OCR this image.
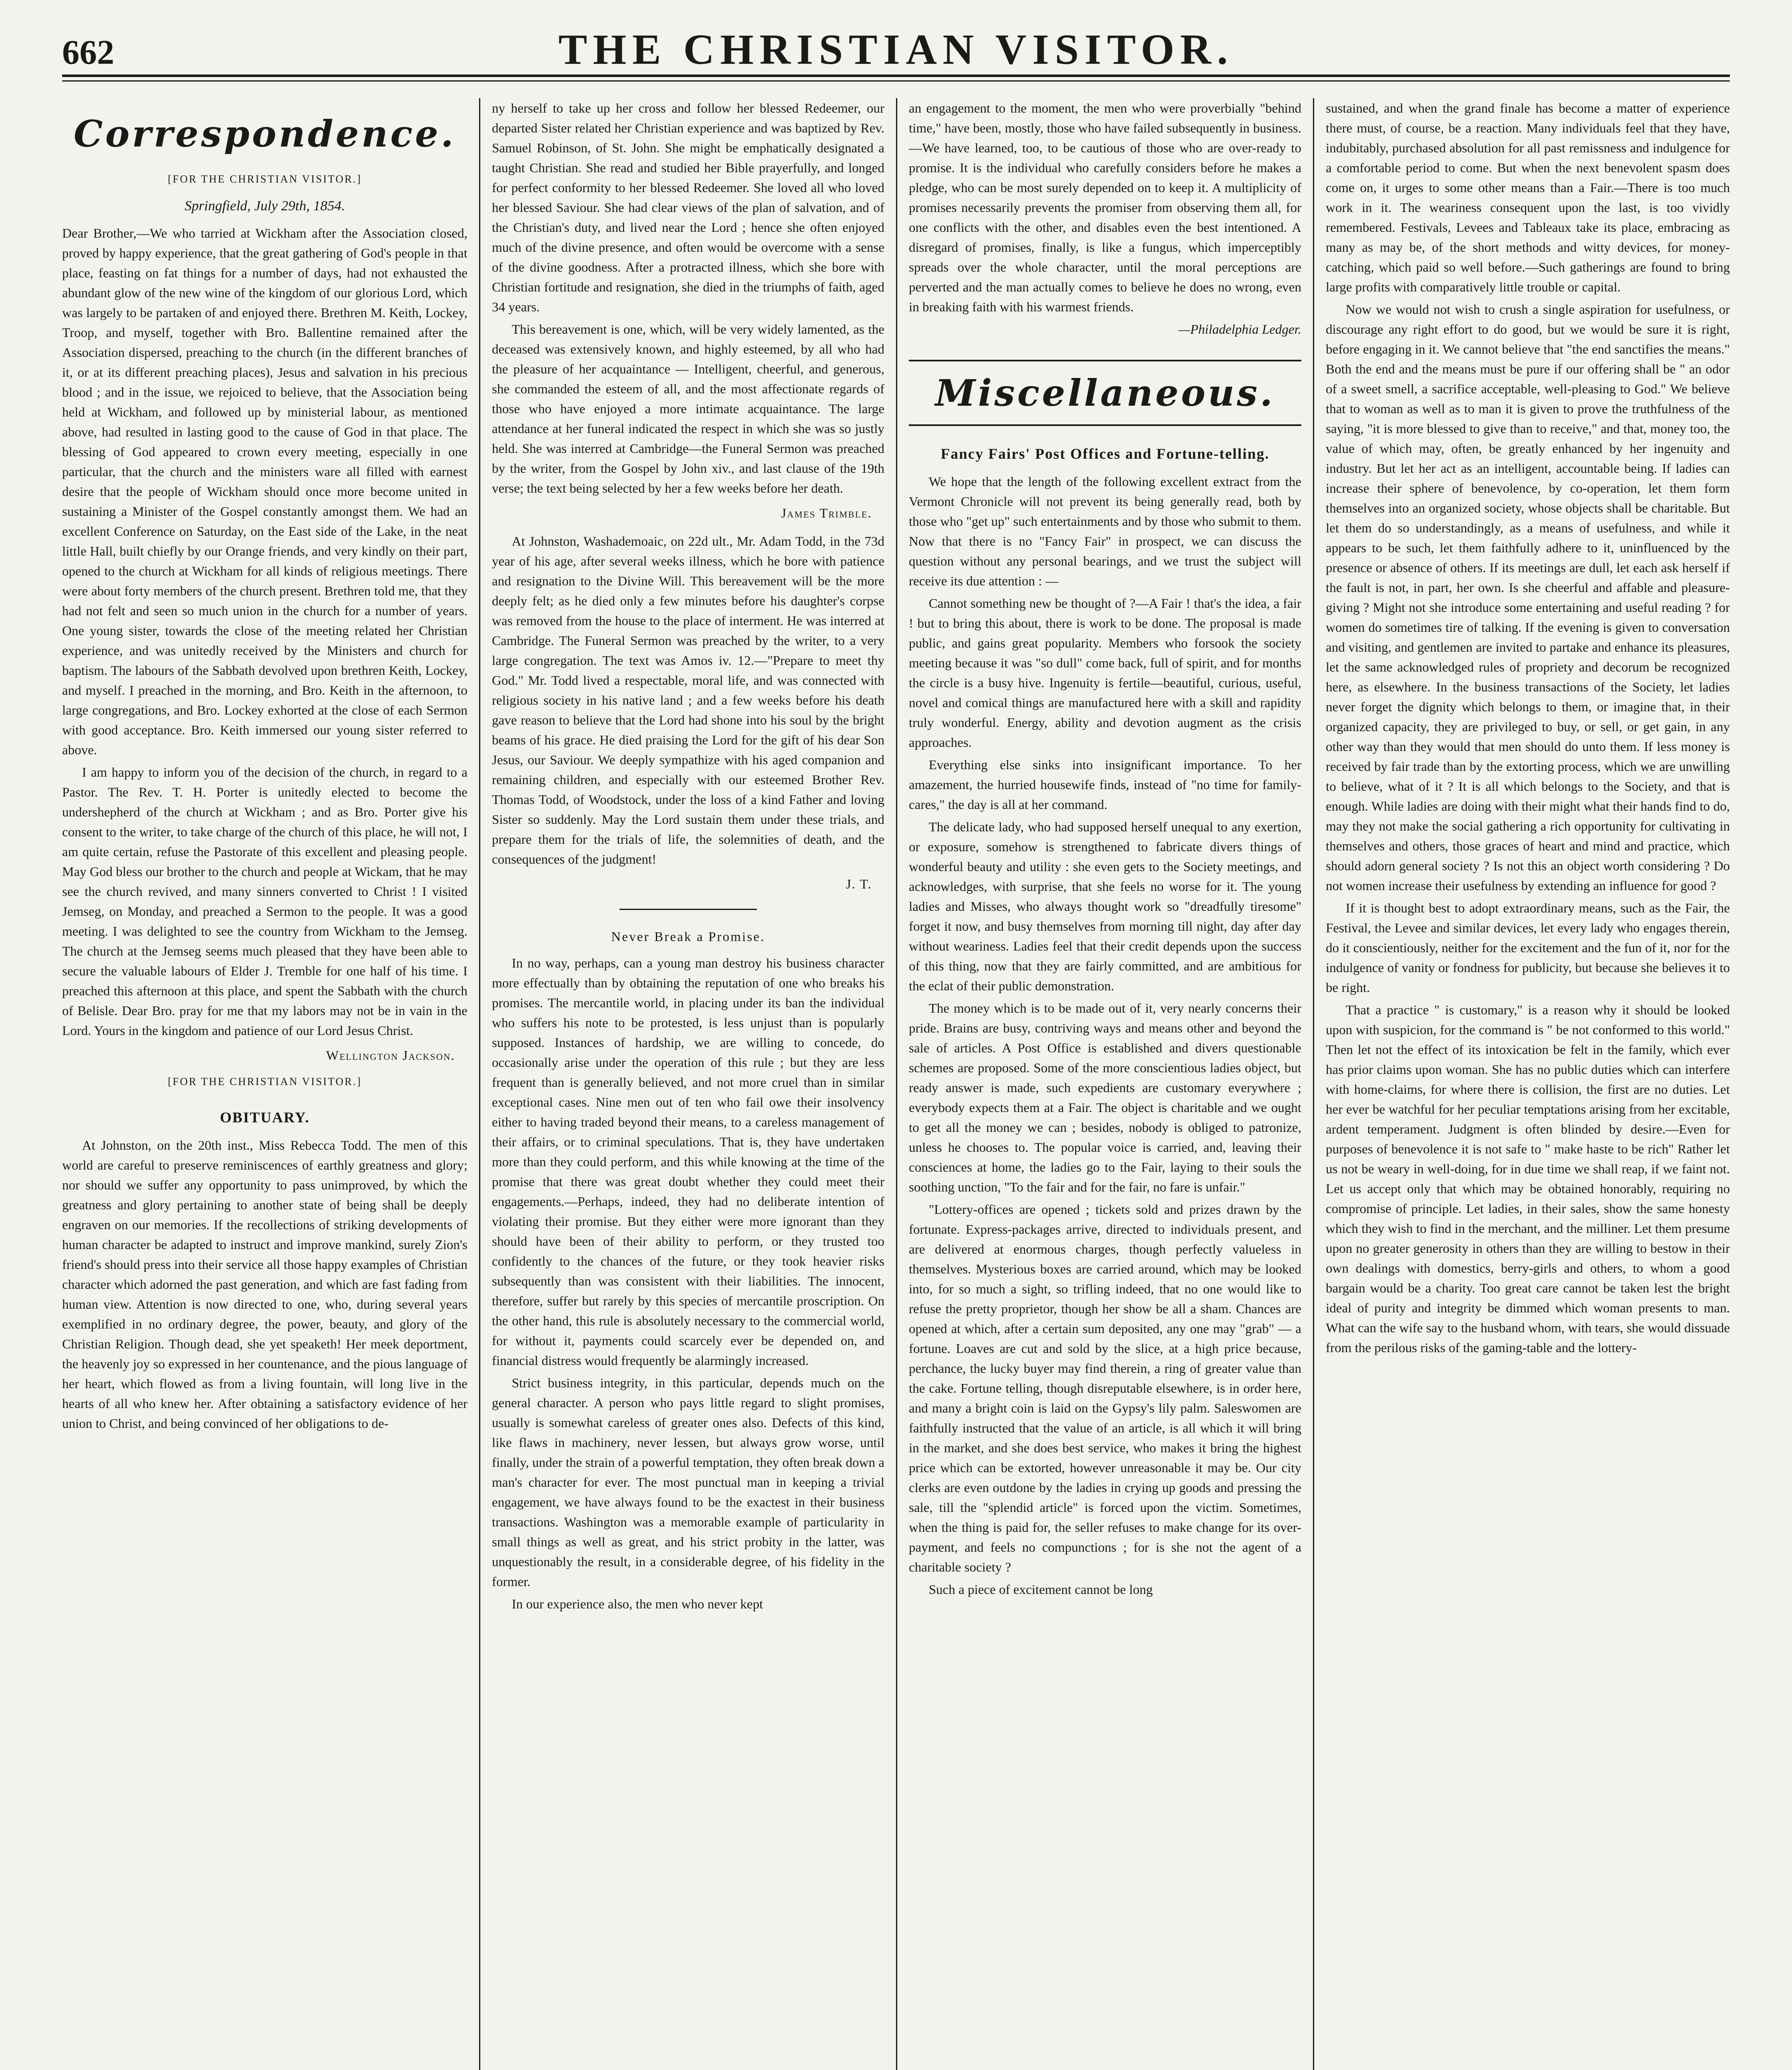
662	THE CHRISTIAN VISITOR.
Correspondence.
[FOR THE CHRISTIAN VISITOR.]
Springfield, July 29th, 1854.

Dear Brother,—We who tarried at Wickham after the Association closed, proved by happy experience, that the great gathering of God's people in that place, feasting on fat things for a number of days, had not exhausted the abundant glow of the new wine of the kingdom of our glorious Lord, which was largely to be partaken of and enjoyed there. Brethren M. Keith, Lockey, Troop, and myself, together with Bro. Ballentine remained after the Association dispersed, preaching to the church (in the different branches of it, or at its different preaching places), Jesus and salvation in his precious blood ; and in the issue, we rejoiced to believe, that the Association being held at Wickham, and followed up by ministerial labour, as mentioned above, had resulted in lasting good to the cause of God in that place. The blessing of God appeared to crown every meeting, especially in one particular, that the church and the ministers ware all filled with earnest desire that the people of Wickham should once more become united in sustaining a Minister of the Gospel constantly amongst them. We had an excellent Conference on Saturday, on the East side of the Lake, in the neat little Hall, built chiefly by our Orange friends, and very kindly on their part, opened to the church at Wickham for all kinds of religious meetings. There were about forty members of the church present. Brethren told me, that they had not felt and seen so much union in the church for a number of years. One young sister, towards the close of the meeting related her Christian experience, and was unitedly received by the Ministers and church for baptism. The labours of the Sabbath devolved upon brethren Keith, Lockey, and myself. I preached in the morning, and Bro. Keith in the afternoon, to large congregations, and Bro. Lockey exhorted at the close of each Sermon with good acceptance. Bro. Keith immersed our young sister referred to above.

I am happy to inform you of the decision of the church, in regard to a Pastor. The Rev. T. H. Porter is unitedly elected to become the undershepherd of the church at Wickham ; and as Bro. Porter give his consent to the writer, to take charge of the church of this place, he will not, I am quite certain, refuse the Pastorate of this excellent and pleasing people. May God bless our brother to the church and people at Wickam, that he may see the church revived, and many sinners converted to Christ ! I visited Jemseg, on Monday, and preached a Sermon to the people. It was a good meeting. I was delighted to see the country from Wickham to the Jemseg. The church at the Jemseg seems much pleased that they have been able to secure the valuable labours of Elder J. Tremble for one half of his time. I preached this afternoon at this place, and spent the Sabbath with the church of Belisle. Dear Bro. pray for me that my labors may not be in vain in the Lord. Yours in the kingdom and patience of our Lord Jesus Christ.

Wellington Jackson.
[FOR THE CHRISTIAN VISITOR.]
OBITUARY.

At Johnston, on the 20th inst., Miss Rebecca Todd. The men of this world are careful to preserve reminiscences of earthly greatness and glory; nor should we suffer any opportunity to pass unimproved, by which the greatness and glory pertaining to another state of being shall be deeply engraven on our memories. If the recollections of striking developments of human character be adapted to instruct and improve mankind, surely Zion's friend's should press into their service all those happy examples of Christian character which adorned the past generation, and which are fast fading from human view. Attention is now directed to one, who, during several years exemplified in no ordinary degree, the power, beauty, and glory of the Christian Religion. Though dead, she yet speaketh! Her meek deportment, the heavenly joy so expressed in her countenance, and the pious language of her heart, which flowed as from a living fountain, will long live in the hearts of all who knew her. After obtaining a satisfactory evidence of her union to Christ, and being convinced of her obligations to de-

ny herself to take up her cross and follow her blessed Redeemer, our departed Sister related her Christian experience and was baptized by Rev. Samuel Robinson, of St. John. She might be emphatically designated a taught Christian. She read and studied her Bible prayerfully, and longed for perfect conformity to her blessed Redeemer. She loved all who loved her blessed Saviour. She had clear views of the plan of salvation, and of the Christian's duty, and lived near the Lord ; hence she often enjoyed much of the divine presence, and often would be overcome with a sense of the divine goodness. After a protracted illness, which she bore with Christian fortitude and resignation, she died in the triumphs of faith, aged 34 years.

This bereavement is one, which, will be very widely lamented, as the deceased was extensively known, and highly esteemed, by all who had the pleasure of her acquaintance — Intelligent, cheerful, and generous, she commanded the esteem of all, and the most affectionate regards of those who have enjoyed a more intimate acquaintance. The large attendance at her funeral indicated the respect in which she was so justly held. She was interred at Cambridge—the Funeral Sermon was preached by the writer, from the Gospel by John xiv., and last clause of the 19th verse; the text being selected by her a few weeks before her death.

James Trimble.

At Johnston, Washademoaic, on 22d ult., Mr. Adam Todd, in the 73d year of his age, after several weeks illness, which he bore with patience and resignation to the Divine Will. This bereavement will be the more deeply felt; as he died only a few minutes before his daughter's corpse was removed from the house to the place of interment. He was interred at Cambridge. The Funeral Sermon was preached by the writer, to a very large congregation. The text was Amos iv. 12.—"Prepare to meet thy God." Mr. Todd lived a respectable, moral life, and was connected with religious society in his native land ; and a few weeks before his death gave reason to believe that the Lord had shone into his soul by the bright beams of his grace. He died praising the Lord for the gift of his dear Son Jesus, our Saviour. We deeply sympathize with his aged companion and remaining children, and especially with our esteemed Brother Rev. Thomas Todd, of Woodstock, under the loss of a kind Father and loving Sister so suddenly. May the Lord sustain them under these trials, and prepare them for the trials of life, the solemnities of death, and the consequences of the judgment!

J. T.
Never Break a Promise.

In no way, perhaps, can a young man destroy his business character more effectually than by obtaining the reputation of one who breaks his promises. The mercantile world, in placing under its ban the individual who suffers his note to be protested, is less unjust than is popularly supposed. Instances of hardship, we are willing to concede, do occasionally arise under the operation of this rule ; but they are less frequent than is generally believed, and not more cruel than in similar exceptional cases. Nine men out of ten who fail owe their insolvency either to having traded beyond their means, to a careless management of their affairs, or to criminal speculations. That is, they have undertaken more than they could perform, and this while knowing at the time of the promise that there was great doubt whether they could meet their engagements.—Perhaps, indeed, they had no deliberate intention of violating their promise. But they either were more ignorant than they should have been of their ability to perform, or they trusted too confidently to the chances of the future, or they took heavier risks subsequently than was consistent with their liabilities. The innocent, therefore, suffer but rarely by this species of mercantile proscription. On the other hand, this rule is absolutely necessary to the commercial world, for without it, payments could scarcely ever be depended on, and financial distress would frequently be alarmingly increased.

Strict business integrity, in this particular, depends much on the general character. A person who pays little regard to slight promises, usually is somewhat careless of greater ones also. Defects of this kind, like flaws in machinery, never lessen, but always grow worse, until finally, under the strain of a powerful temptation, they often break down a man's character for ever. The most punctual man in keeping a trivial engagement, we have always found to be the exactest in their business transactions. Washington was a memorable example of particularity in small things as well as great, and his strict probity in the latter, was unquestionably the result, in a considerable degree, of his fidelity in the former.

In our experience also, the men who never kept

an engagement to the moment, the men who were proverbially "behind time," have been, mostly, those who have failed subsequently in business.—We have learned, too, to be cautious of those who are over-ready to promise. It is the individual who carefully considers before he makes a pledge, who can be most surely depended on to keep it. A multiplicity of promises necessarily prevents the promiser from observing them all, for one conflicts with the other, and disables even the best intentioned. A disregard of promises, finally, is like a fungus, which imperceptibly spreads over the whole character, until the moral perceptions are perverted and the man actually comes to believe he does no wrong, even in breaking faith with his warmest friends.

—Philadelphia Ledger.
Miscellaneous.
Fancy Fairs' Post Offices and Fortune-telling.

We hope that the length of the following excellent extract from the Vermont Chronicle will not prevent its being generally read, both by those who "get up" such entertainments and by those who submit to them. Now that there is no "Fancy Fair" in prospect, we can discuss the question without any personal bearings, and we trust the subject will receive its due attention : —

Cannot something new be thought of ?—A Fair ! that's the idea, a fair ! but to bring this about, there is work to be done. The proposal is made public, and gains great popularity. Members who forsook the society meeting because it was "so dull" come back, full of spirit, and for months the circle is a busy hive. Ingenuity is fertile—beautiful, curious, useful, novel and comical things are manufactured here with a skill and rapidity truly wonderful. Energy, ability and devotion augment as the crisis approaches.

Everything else sinks into insignificant importance. To her amazement, the hurried housewife finds, instead of "no time for family-cares," the day is all at her command.

The delicate lady, who had supposed herself unequal to any exertion, or exposure, somehow is strengthened to fabricate divers things of wonderful beauty and utility : she even gets to the Society meetings, and acknowledges, with surprise, that she feels no worse for it. The young ladies and Misses, who always thought work so "dreadfully tiresome" forget it now, and busy themselves from morning till night, day after day without weariness. Ladies feel that their credit depends upon the success of this thing, now that they are fairly committed, and are ambitious for the eclat of their public demonstration.

The money which is to be made out of it, very nearly concerns their pride. Brains are busy, contriving ways and means other and beyond the sale of articles. A Post Office is established and divers questionable schemes are proposed. Some of the more conscientious ladies object, but ready answer is made, such expedients are customary everywhere ; everybody expects them at a Fair. The object is charitable and we ought to get all the money we can ; besides, nobody is obliged to patronize, unless he chooses to. The popular voice is carried, and, leaving their consciences at home, the ladies go to the Fair, laying to their souls the soothing unction, "To the fair and for the fair, no fare is unfair."

"Lottery-offices are opened ; tickets sold and prizes drawn by the fortunate. Express-packages arrive, directed to individuals present, and are delivered at enormous charges, though perfectly valueless in themselves. Mysterious boxes are carried around, which may be looked into, for so much a sight, so trifling indeed, that no one would like to refuse the pretty proprietor, though her show be all a sham. Chances are opened at which, after a certain sum deposited, any one may "grab" — a fortune. Loaves are cut and sold by the slice, at a high price because, perchance, the lucky buyer may find therein, a ring of greater value than the cake. Fortune telling, though disreputable elsewhere, is in order here, and many a bright coin is laid on the Gypsy's lily palm. Saleswomen are faithfully instructed that the value of an article, is all which it will bring in the market, and she does best service, who makes it bring the highest price which can be extorted, however unreasonable it may be. Our city clerks are even outdone by the ladies in crying up goods and pressing the sale, till the "splendid article" is forced upon the victim. Sometimes, when the thing is paid for, the seller refuses to make change for its over-payment, and feels no compunctions ; for is she not the agent of a charitable society ?

Such a piece of excitement cannot be long

sustained, and when the grand finale has become a matter of experience there must, of course, be a reaction. Many individuals feel that they have, indubitably, purchased absolution for all past remissness and indulgence for a comfortable period to come. But when the next benevolent spasm does come on, it urges to some other means than a Fair.—There is too much work in it. The weariness consequent upon the last, is too vividly remembered. Festivals, Levees and Tableaux take its place, embracing as many as may be, of the short methods and witty devices, for money-catching, which paid so well before.—Such gatherings are found to bring large profits with comparatively little trouble or capital.

Now we would not wish to crush a single aspiration for usefulness, or discourage any right effort to do good, but we would be sure it is right, before engaging in it. We cannot believe that "the end sanctifies the means." Both the end and the means must be pure if our offering shall be " an odor of a sweet smell, a sacrifice acceptable, well-pleasing to God." We believe that to woman as well as to man it is given to prove the truthfulness of the saying, "it is more blessed to give than to receive," and that, money too, the value of which may, often, be greatly enhanced by her ingenuity and industry. But let her act as an intelligent, accountable being. If ladies can increase their sphere of benevolence, by co-operation, let them form themselves into an organized society, whose objects shall be charitable. But let them do so understandingly, as a means of usefulness, and while it appears to be such, let them faithfully adhere to it, uninfluenced by the presence or absence of others. If its meetings are dull, let each ask herself if the fault is not, in part, her own. Is she cheerful and affable and pleasure-giving ? Might not she introduce some entertaining and useful reading ? for women do sometimes tire of talking. If the evening is given to conversation and visiting, and gentlemen are invited to partake and enhance its pleasures, let the same acknowledged rules of propriety and decorum be recognized here, as elsewhere. In the business transactions of the Society, let ladies never forget the dignity which belongs to them, or imagine that, in their organized capacity, they are privileged to buy, or sell, or get gain, in any other way than they would that men should do unto them. If less money is received by fair trade than by the extorting process, which we are unwilling to believe, what of it ? It is all which belongs to the Society, and that is enough. While ladies are doing with their might what their hands find to do, may they not make the social gathering a rich opportunity for cultivating in themselves and others, those graces of heart and mind and practice, which should adorn general society ? Is not this an object worth considering ? Do not women increase their usefulness by extending an influence for good ?

If it is thought best to adopt extraordinary means, such as the Fair, the Festival, the Levee and similar devices, let every lady who engages therein, do it conscientiously, neither for the excitement and the fun of it, nor for the indulgence of vanity or fondness for publicity, but because she believes it to be right.

That a practice " is customary," is a reason why it should be looked upon with suspicion, for the command is " be not conformed to this world." Then let not the effect of its intoxication be felt in the family, which ever has prior claims upon woman. She has no public duties which can interfere with home-claims, for where there is collision, the first are no duties. Let her ever be watchful for her peculiar temptations arising from her excitable, ardent temperament. Judgment is often blinded by desire.—Even for purposes of benevolence it is not safe to " make haste to be rich" Rather let us not be weary in well-doing, for in due time we shall reap, if we faint not. Let us accept only that which may be obtained honorably, requiring no compromise of principle. Let ladies, in their sales, show the same honesty which they wish to find in the merchant, and the milliner. Let them presume upon no greater generosity in others than they are willing to bestow in their own dealings with domestics, berry-girls and others, to whom a good bargain would be a charity. Too great care cannot be taken lest the bright ideal of purity and integrity be dimmed which woman presents to man. What can the wife say to the husband whom, with tears, she would dissuade from the perilous risks of the gaming-table and the lottery-
